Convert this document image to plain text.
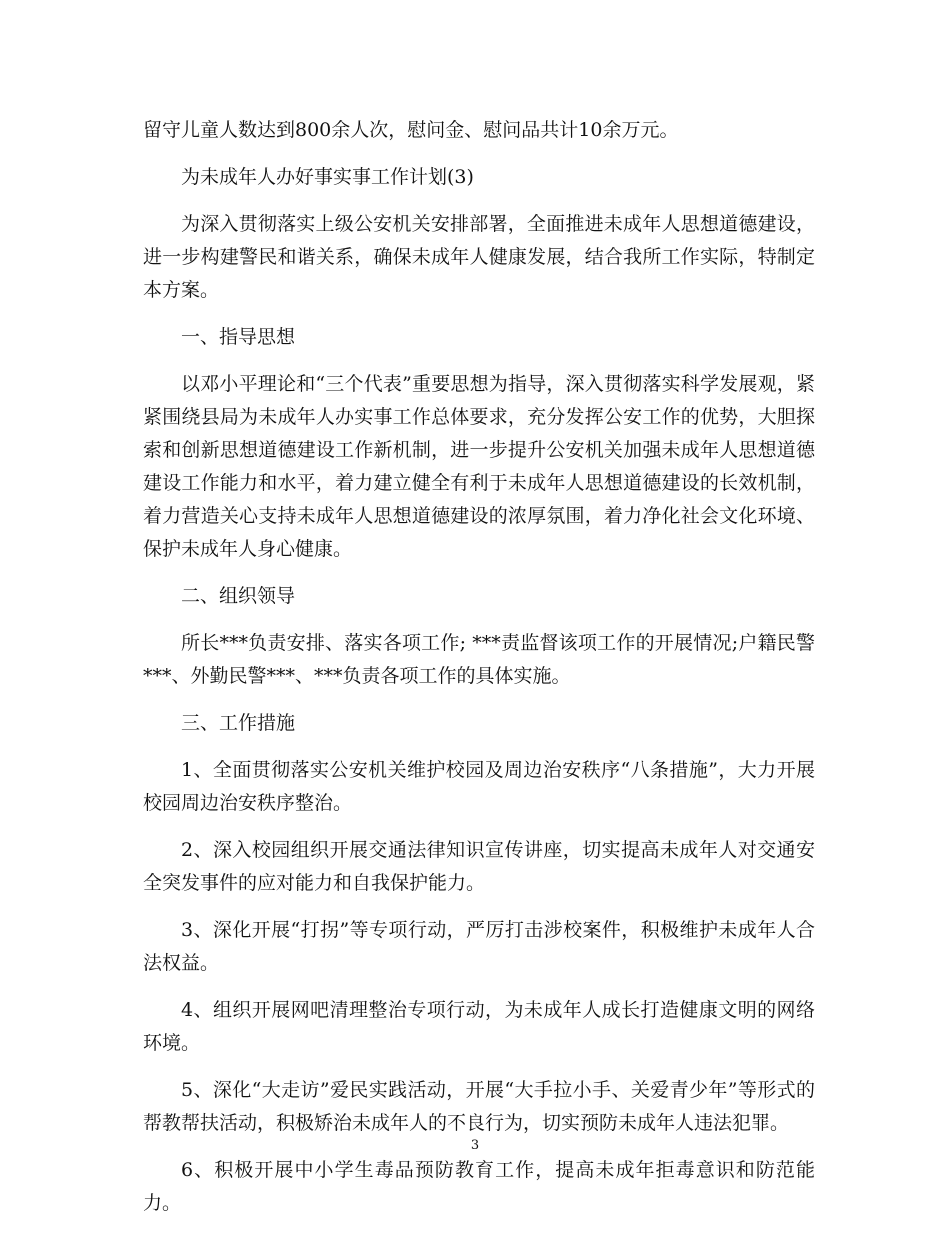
留守儿童人数达到800余人次，慰问金、慰问品共计10余万元。

为未成年人办好事实事工作计划(3)

为深入贯彻落实上级公安机关安排部署，全面推进未成年人思想道德建设，进一步构建警民和谐关系，确保未成年人健康发展，结合我所工作实际，特制定本方案。

一、指导思想

以邓小平理论和“三个代表”重要思想为指导，深入贯彻落实科学发展观，紧紧围绕县局为未成年人办实事工作总体要求，充分发挥公安工作的优势，大胆探索和创新思想道德建设工作新机制，进一步提升公安机关加强未成年人思想道德建设工作能力和水平，着力建立健全有利于未成年人思想道德建设的长效机制，着力营造关心支持未成年人思想道德建设的浓厚氛围，着力净化社会文化环境、保护未成年人身心健康。

二、组织领导

所长***负责安排、落实各项工作; ***责监督该项工作的开展情况;户籍民警***、外勤民警***、***负责各项工作的具体实施。

三、工作措施

1、全面贯彻落实公安机关维护校园及周边治安秩序“八条措施”，大力开展校园周边治安秩序整治。

2、深入校园组织开展交通法律知识宣传讲座，切实提高未成年人对交通安全突发事件的应对能力和自我保护能力。

3、深化开展“打拐”等专项行动，严厉打击涉校案件，积极维护未成年人合法权益。

4、组织开展网吧清理整治专项行动，为未成年人成长打造健康文明的网络环境。

5、深化“大走访”爱民实践活动，开展“大手拉小手、关爱青少年”等形式的帮教帮扶活动，积极矫治未成年人的不良行为，切实预防未成年人违法犯罪。

6、积极开展中小学生毒品预防教育工作，提高未成年拒毒意识和防范能力。

3
